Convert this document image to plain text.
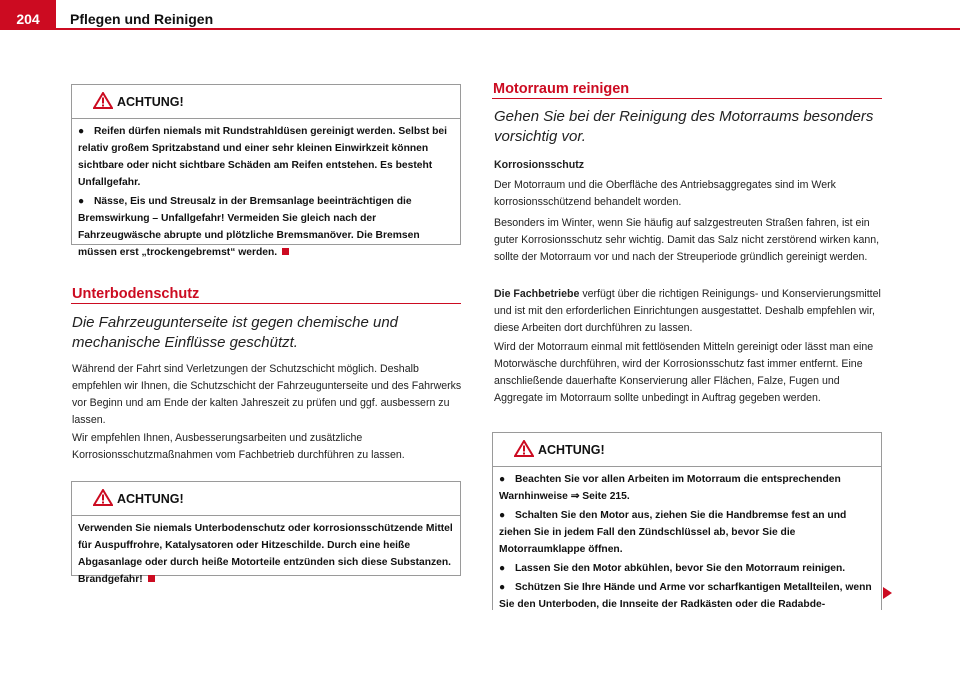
204	Pflegen und Reinigen
ACHTUNG!

● Reifen dürfen niemals mit Rundstrahldüsen gereinigt werden. Selbst bei relativ großem Spritzabstand und einer sehr kleinen Einwirkzeit können sichtbare oder nicht sichtbare Schäden am Reifen entstehen. Es besteht Unfallgefahr.

● Nässe, Eis und Streusalz in der Bremsanlage beeinträchtigen die Bremswirkung – Unfallgefahr! Vermeiden Sie gleich nach der Fahrzeugwäsche abrupte und plötzliche Bremsmanöver. Die Bremsen müssen erst „trockengebremst“ werden.

Unterbodenschutz

Die Fahrzeugunterseite ist gegen chemische und mechanische Einflüsse geschützt.

Während der Fahrt sind Verletzungen der Schutzschicht möglich. Deshalb empfehlen wir Ihnen, die Schutzschicht der Fahrzeugunterseite und des Fahrwerks vor Beginn und am Ende der kalten Jahreszeit zu prüfen und ggf. ausbessern zu lassen.

Wir empfehlen Ihnen, Ausbesserungsarbeiten und zusätzliche Korrosionsschutzmaßnahmen vom Fachbetrieb durchführen zu lassen.

ACHTUNG!

Verwenden Sie niemals Unterbodenschutz oder korrosionsschützende Mittel für Auspuffrohre, Katalysatoren oder Hitzeschilde. Durch eine heiße Abgasanlage oder durch heiße Motorteile entzünden sich diese Substanzen. Brandgefahr!

Motorraum reinigen

Gehen Sie bei der Reinigung des Motorraums besonders vorsichtig vor.

Korrosionsschutz

Der Motorraum und die Oberfläche des Antriebsaggregates sind im Werk korrosionsschützend behandelt worden.

Besonders im Winter, wenn Sie häufig auf salzgestreuten Straßen fahren, ist ein guter Korrosionsschutz sehr wichtig. Damit das Salz nicht zerstörend wirken kann, sollte der Motorraum vor und nach der Streuperiode gründlich gereinigt werden.

Die Fachbetriebe verfügt über die richtigen Reinigungs- und Konservierungsmittel und ist mit den erforderlichen Einrichtungen ausgestattet. Deshalb empfehlen wir, diese Arbeiten dort durchführen zu lassen.

Wird der Motorraum einmal mit fettlösenden Mitteln gereinigt oder lässt man eine Motorwäsche durchführen, wird der Korrosionsschutz fast immer entfernt. Eine anschließende dauerhafte Konservierung aller Flächen, Falze, Fugen und Aggregate im Motorraum sollte unbedingt in Auftrag gegeben werden.

ACHTUNG!

● Beachten Sie vor allen Arbeiten im Motorraum die entsprechenden Warnhinweise ⇒ Seite 215.

● Schalten Sie den Motor aus, ziehen Sie die Handbremse fest an und ziehen Sie in jedem Fall den Zündschlüssel ab, bevor Sie die Motorraumklappe öffnen.

● Lassen Sie den Motor abkühlen, bevor Sie den Motorraum reinigen.

● Schützen Sie Ihre Hände und Arme vor scharfkantigen Metallteilen, wenn Sie den Unterboden, die Innseite der Radkästen oder die Radabde-
